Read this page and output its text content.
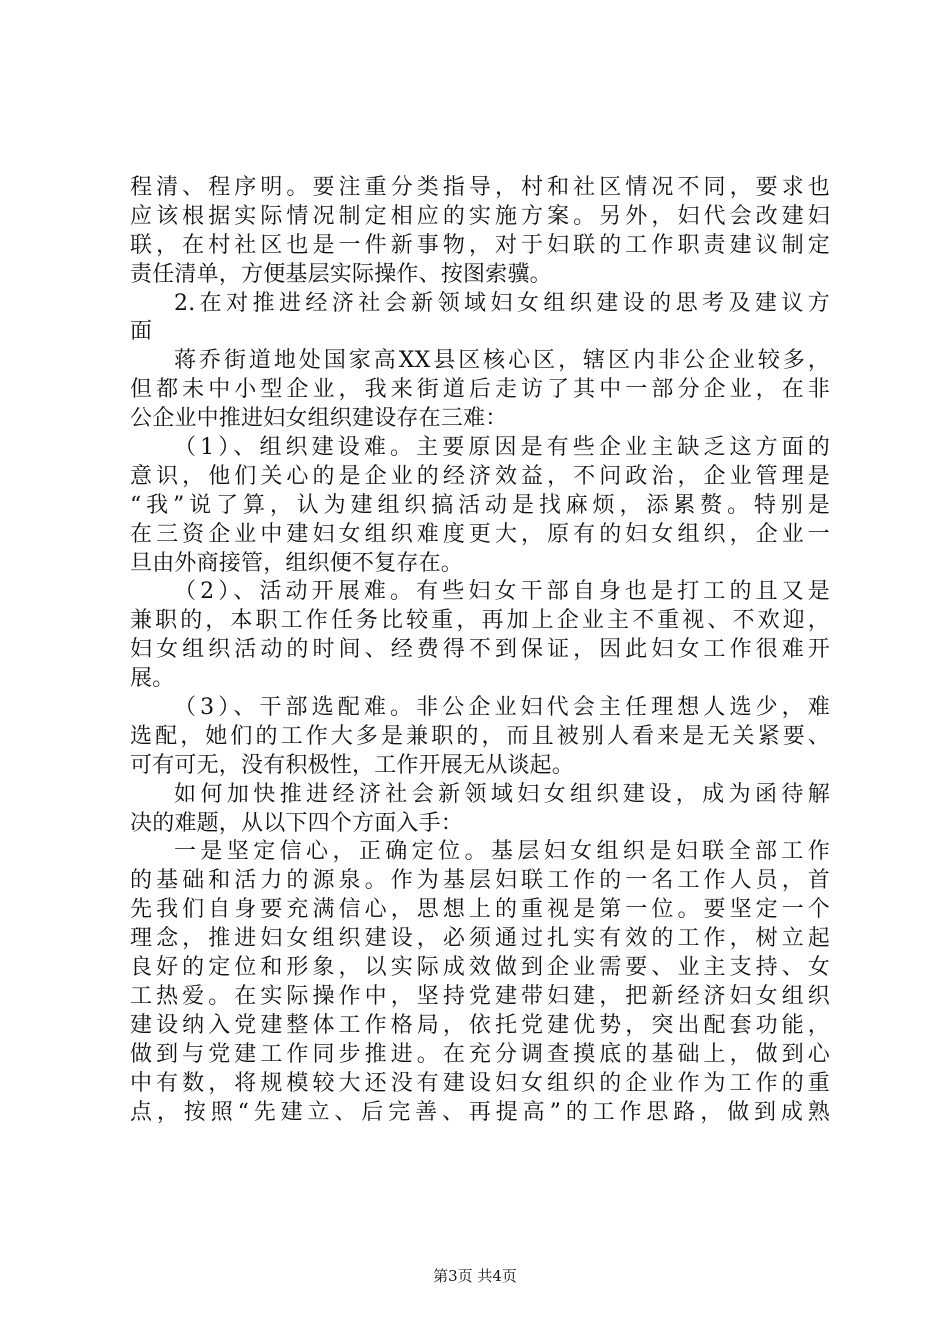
程清、程序明。要注重分类指导，村和社区情况不同，要求也
应该根据实际情况制定相应的实施方案。另外，妇代会改建妇
联，在村社区也是一件新事物，对于妇联的工作职责建议制定
责任清单，方便基层实际操作、按图索骥。
2.在对推进经济社会新领域妇女组织建设的思考及建议方
面
蒋乔街道地处国家高XX县区核心区，辖区内非公企业较多，
但都未中小型企业，我来街道后走访了其中一部分企业，在非
公企业中推进妇女组织建设存在三难：
（1）、组织建设难。主要原因是有些企业主缺乏这方面的
意识，他们关心的是企业的经济效益，不问政治，企业管理是
“我”说了算，认为建组织搞活动是找麻烦，添累赘。特别是
在三资企业中建妇女组织难度更大，原有的妇女组织，企业一
旦由外商接管，组织便不复存在。
（2）、活动开展难。有些妇女干部自身也是打工的且又是
兼职的，本职工作任务比较重，再加上企业主不重视、不欢迎，
妇女组织活动的时间、经费得不到保证，因此妇女工作很难开
展。
（3）、干部选配难。非公企业妇代会主任理想人选少，难
选配，她们的工作大多是兼职的，而且被别人看来是无关紧要、
可有可无，没有积极性，工作开展无从谈起。
如何加快推进经济社会新领域妇女组织建设，成为函待解
决的难题，从以下四个方面入手：
一是坚定信心，正确定位。基层妇女组织是妇联全部工作
的基础和活力的源泉。作为基层妇联工作的一名工作人员，首
先我们自身要充满信心，思想上的重视是第一位。要坚定一个
理念，推进妇女组织建设，必须通过扎实有效的工作，树立起
良好的定位和形象，以实际成效做到企业需要、业主支持、女
工热爱。在实际操作中，坚持党建带妇建，把新经济妇女组织
建设纳入党建整体工作格局，依托党建优势，突出配套功能，
做到与党建工作同步推进。在充分调查摸底的基础上，做到心
中有数，将规模较大还没有建设妇女组织的企业作为工作的重
点，按照“先建立、后完善、再提高”的工作思路，做到成熟
第3页 共4页
